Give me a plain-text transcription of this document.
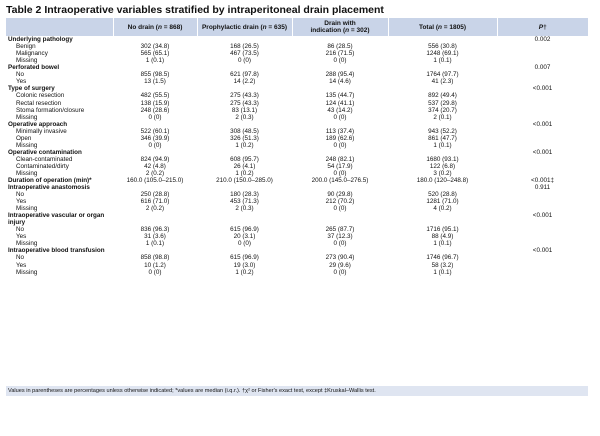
Table 2 Intraoperative variables stratified by intraperitoneal drain placement
	No drain (n = 868)	Prophylactic drain (n = 635)	Drain with
indication (n = 302)	Total (n = 1805)	P†
Underlying pathology					0.002
Benign	302 (34.8)	168 (26.5)	86 (28.5)	556 (30.8)	
Malignancy	565 (65.1)	467 (73.5)	216 (71.5)	1248 (69.1)	
Missing	1 (0.1)	0 (0)	0 (0)	1 (0.1)	
Perforated bowel					0.007
No	855 (98.5)	621 (97.8)	288 (95.4)	1764 (97.7)	
Yes	13 (1.5)	14 (2.2)	14 (4.6)	41 (2.3)	
Type of surgery					<0.001
Colonic resection	482 (55.5)	275 (43.3)	135 (44.7)	892 (49.4)	
Rectal resection	138 (15.9)	275 (43.3)	124 (41.1)	537 (29.8)	
Stoma formation/closure	248 (28.6)	83 (13.1)	43 (14.2)	374 (20.7)	
Missing	0 (0)	2 (0.3)	0 (0)	2 (0.1)	
Operative approach					<0.001
Minimally invasive	522 (60.1)	308 (48.5)	113 (37.4)	943 (52.2)	
Open	346 (39.9)	326 (51.3)	189 (62.6)	861 (47.7)	
Missing	0 (0)	1 (0.2)	0 (0)	1 (0.1)	
Operative contamination					<0.001
Clean-contaminated	824 (94.9)	608 (95.7)	248 (82.1)	1680 (93.1)	
Contaminated/dirty	42 (4.8)	26 (4.1)	54 (17.9)	122 (6.8)	
Missing	2 (0.2)	1 (0.2)	0 (0)	3 (0.2)	
Duration of operation (min)*	160.0 (105.0–215.0)	210.0 (150.0–285.0)	200.0 (145.0–276.5)	180.0 (120–248.8)	<0.001‡
Intraoperative anastomosis					0.911
No	250 (28.8)	180 (28.3)	90 (29.8)	520 (28.8)	
Yes	616 (71.0)	453 (71.3)	212 (70.2)	1281 (71.0)	
Missing	2 (0.2)	2 (0.3)	0 (0)	4 (0.2)	
Intraoperative vascular or organ injury					<0.001
No	836 (96.3)	615 (96.9)	265 (87.7)	1716 (95.1)	
Yes	31 (3.6)	20 (3.1)	37 (12.3)	88 (4.9)	
Missing	1 (0.1)	0 (0)	0 (0)	1 (0.1)	
Intraoperative blood transfusion					<0.001
No	858 (98.8)	615 (96.9)	273 (90.4)	1746 (96.7)	
Yes	10 (1.2)	19 (3.0)	29 (9.6)	58 (3.2)	
Missing	0 (0)	1 (0.2)	0 (0)	1 (0.1)	
Values in parentheses are percentages unless otherwise indicated; *values are median (i.q.r.). †χ² or Fisher's exact test, except ‡Kruskal–Wallis test.
